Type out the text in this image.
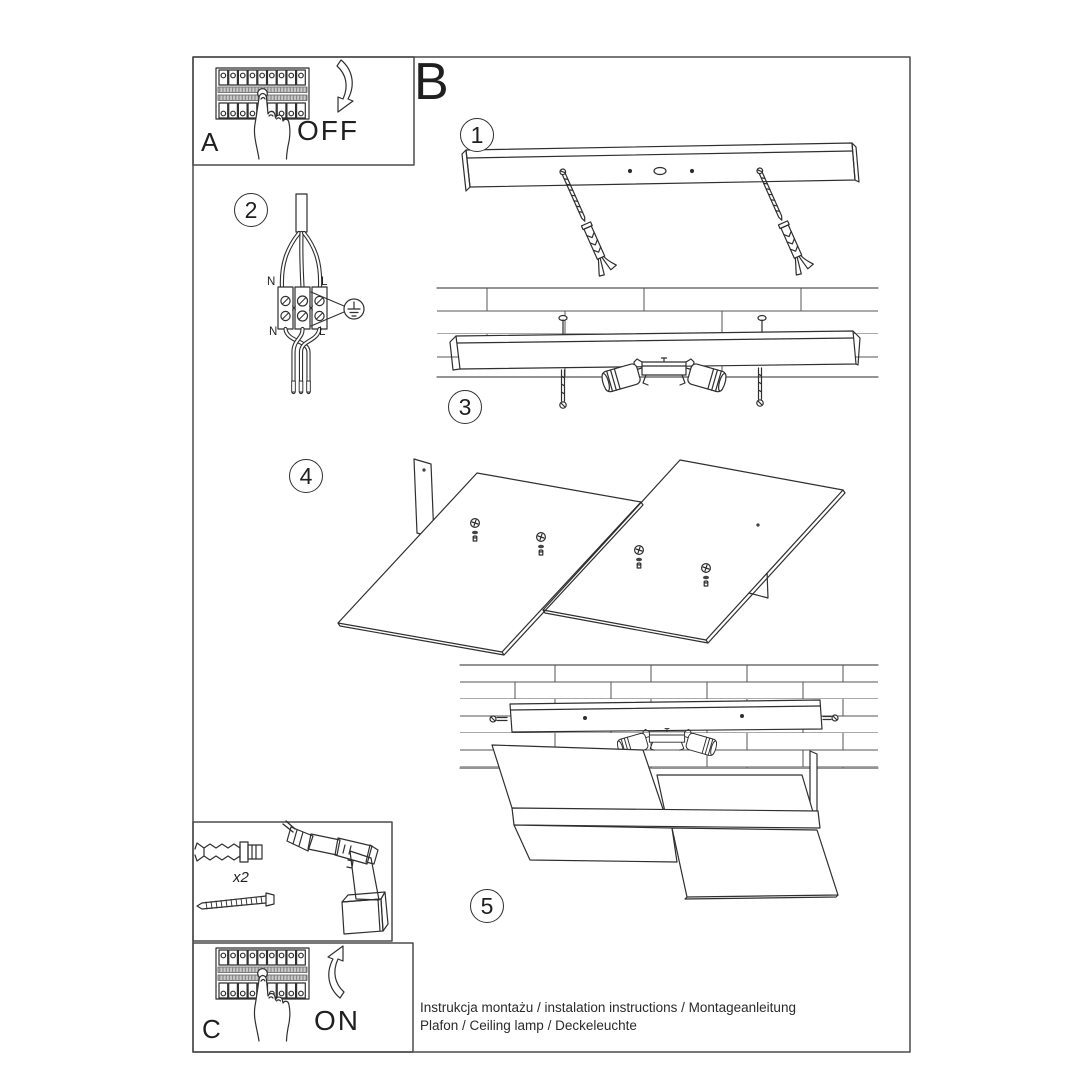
1
2
3
4
5
B
A	OFF
C	ON
N	L
N	L
x2
Instrukcja montażu / instalation instructions / Montageanleitung
Plafon / Ceiling lamp / Deckeleuchte
